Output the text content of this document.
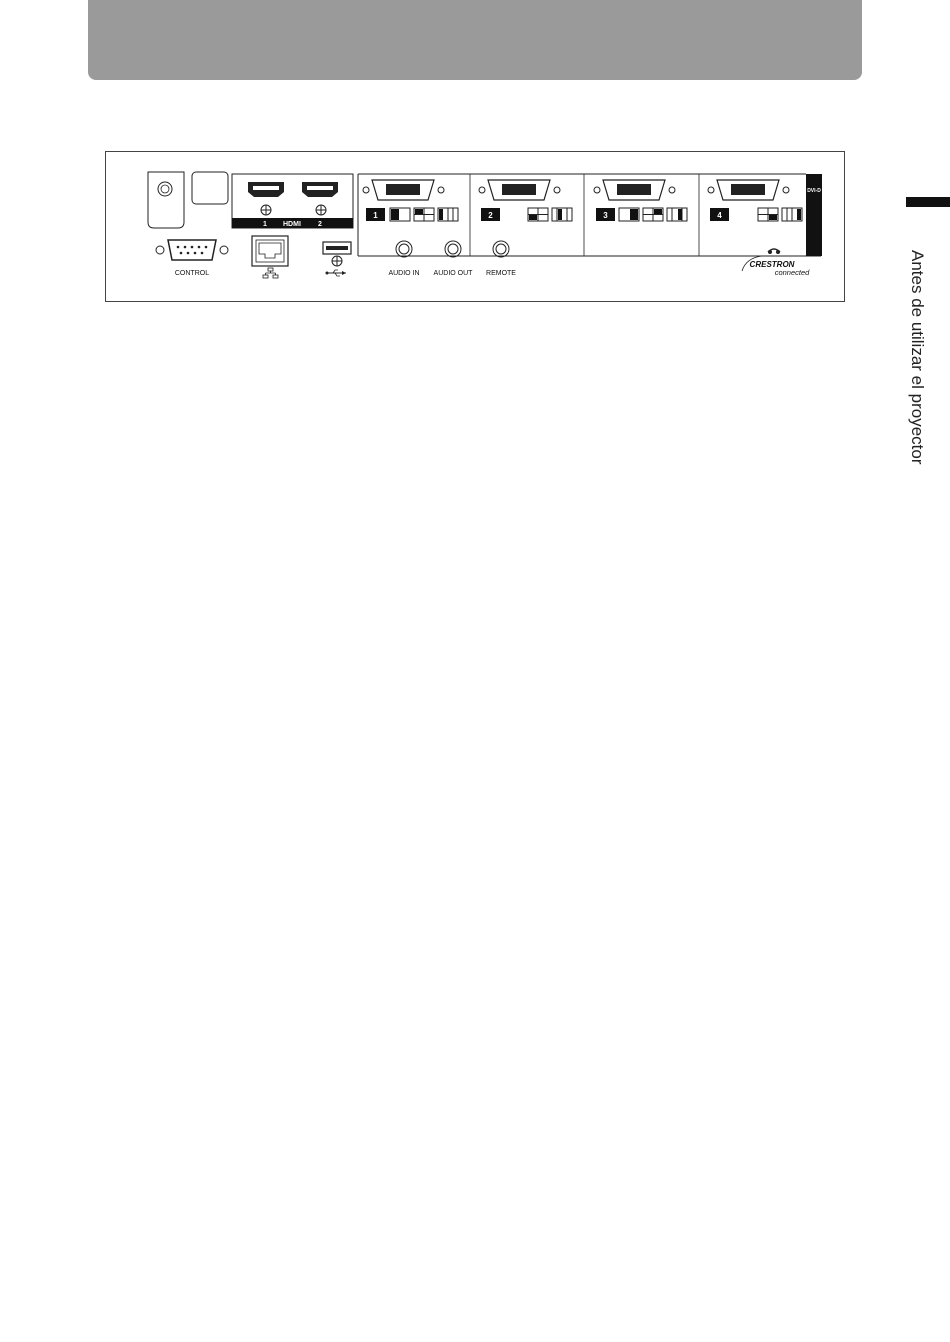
Antes de utilizar el proyector
1 HDMI 2
DVI-D
1	2	3	4
CONTROL	AUDIO IN AUDIO OUT REMOTE
CRESTRON
connected
